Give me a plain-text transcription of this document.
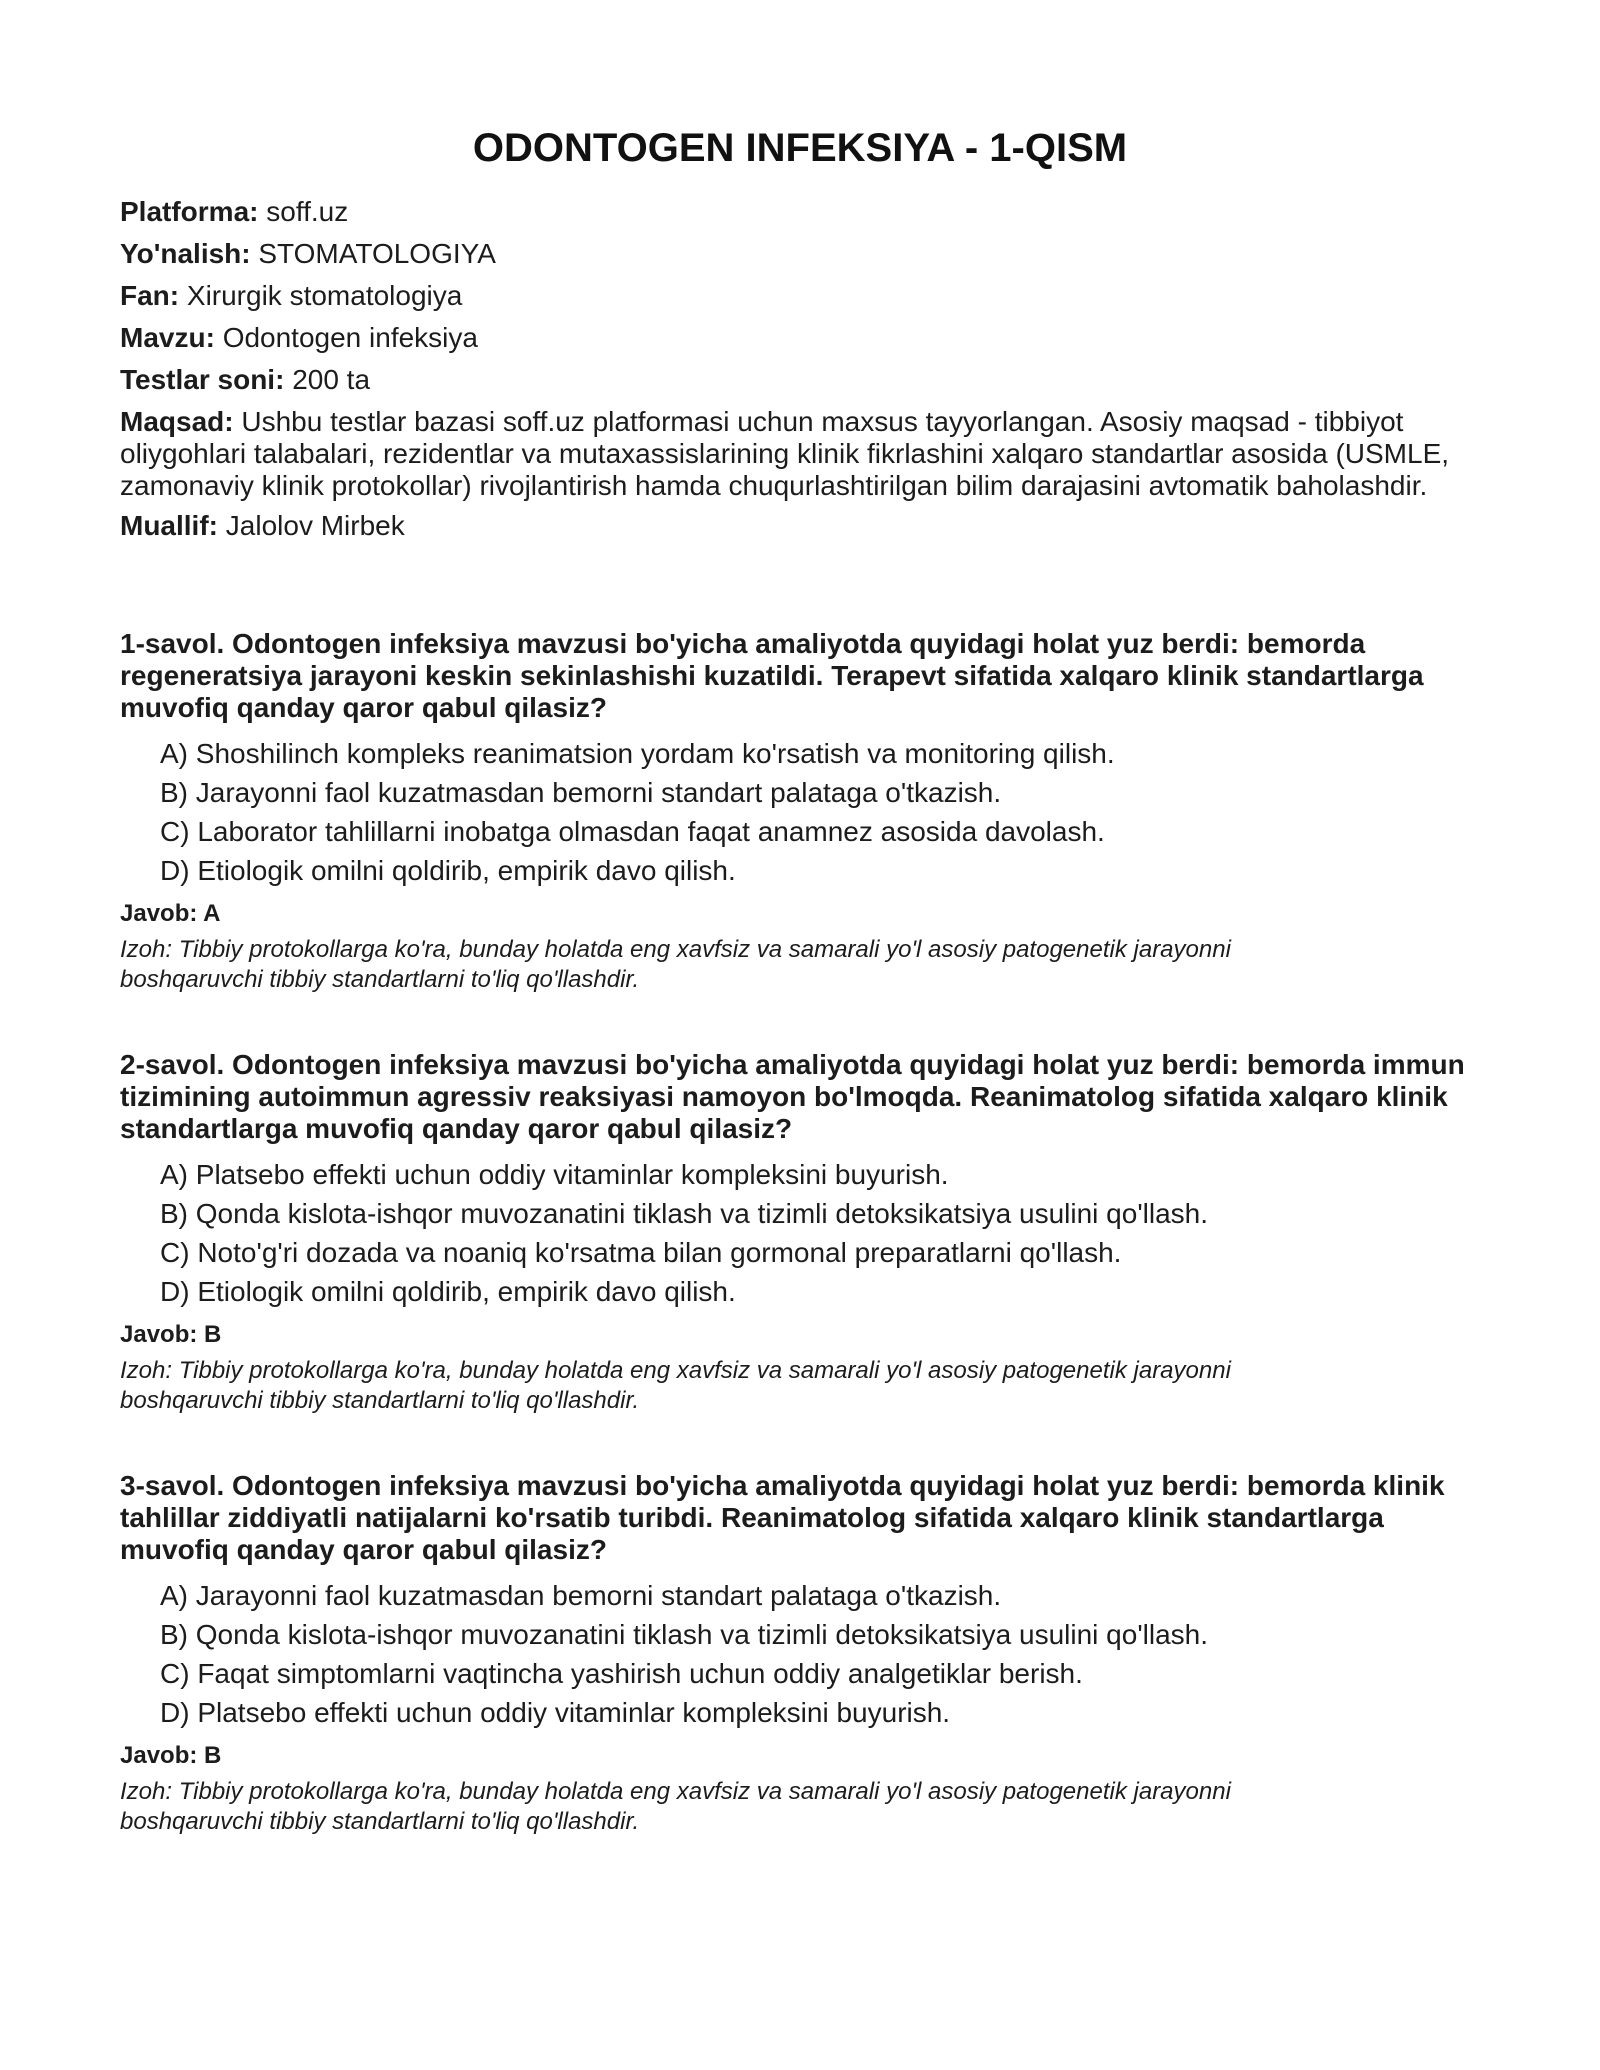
ODONTOGEN INFEKSIYA - 1-QISM

Platforma: soff.uz

Yo'nalish: STOMATOLOGIYA

Fan: Xirurgik stomatologiya

Mavzu: Odontogen infeksiya

Testlar soni: 200 ta

Maqsad: Ushbu testlar bazasi soff.uz platformasi uchun maxsus tayyorlangan. Asosiy maqsad - tibbiyot oliygohlari talabalari, rezidentlar va mutaxassislarining klinik fikrlashini xalqaro standartlar asosida (USMLE, zamonaviy klinik protokollar) rivojlantirish hamda chuqurlashtirilgan bilim darajasini avtomatik baholashdir.

Muallif: Jalolov Mirbek

1-savol. Odontogen infeksiya mavzusi bo'yicha amaliyotda quyidagi holat yuz berdi: bemorda regeneratsiya jarayoni keskin sekinlashishi kuzatildi. Terapevt sifatida xalqaro klinik standartlarga muvofiq qanday qaror qabul qilasiz?

A) Shoshilinch kompleks reanimatsion yordam ko'rsatish va monitoring qilish.
B) Jarayonni faol kuzatmasdan bemorni standart palataga o'tkazish.
C) Laborator tahlillarni inobatga olmasdan faqat anamnez asosida davolash.
D) Etiologik omilni qoldirib, empirik davo qilish.

Javob: A

Izoh: Tibbiy protokollarga ko'ra, bunday holatda eng xavfsiz va samarali yo'l asosiy patogenetik jarayonni boshqaruvchi tibbiy standartlarni to'liq qo'llashdir.

2-savol. Odontogen infeksiya mavzusi bo'yicha amaliyotda quyidagi holat yuz berdi: bemorda immun tizimining autoimmun agressiv reaksiyasi namoyon bo'lmoqda. Reanimatolog sifatida xalqaro klinik standartlarga muvofiq qanday qaror qabul qilasiz?

A) Platsebo effekti uchun oddiy vitaminlar kompleksini buyurish.
B) Qonda kislota-ishqor muvozanatini tiklash va tizimli detoksikatsiya usulini qo'llash.
C) Noto'g'ri dozada va noaniq ko'rsatma bilan gormonal preparatlarni qo'llash.
D) Etiologik omilni qoldirib, empirik davo qilish.

Javob: B

Izoh: Tibbiy protokollarga ko'ra, bunday holatda eng xavfsiz va samarali yo'l asosiy patogenetik jarayonni boshqaruvchi tibbiy standartlarni to'liq qo'llashdir.

3-savol. Odontogen infeksiya mavzusi bo'yicha amaliyotda quyidagi holat yuz berdi: bemorda klinik tahlillar ziddiyatli natijalarni ko'rsatib turibdi. Reanimatolog sifatida xalqaro klinik standartlarga muvofiq qanday qaror qabul qilasiz?

A) Jarayonni faol kuzatmasdan bemorni standart palataga o'tkazish.
B) Qonda kislota-ishqor muvozanatini tiklash va tizimli detoksikatsiya usulini qo'llash.
C) Faqat simptomlarni vaqtincha yashirish uchun oddiy analgetiklar berish.
D) Platsebo effekti uchun oddiy vitaminlar kompleksini buyurish.

Javob: B

Izoh: Tibbiy protokollarga ko'ra, bunday holatda eng xavfsiz va samarali yo'l asosiy patogenetik jarayonni boshqaruvchi tibbiy standartlarni to'liq qo'llashdir.
